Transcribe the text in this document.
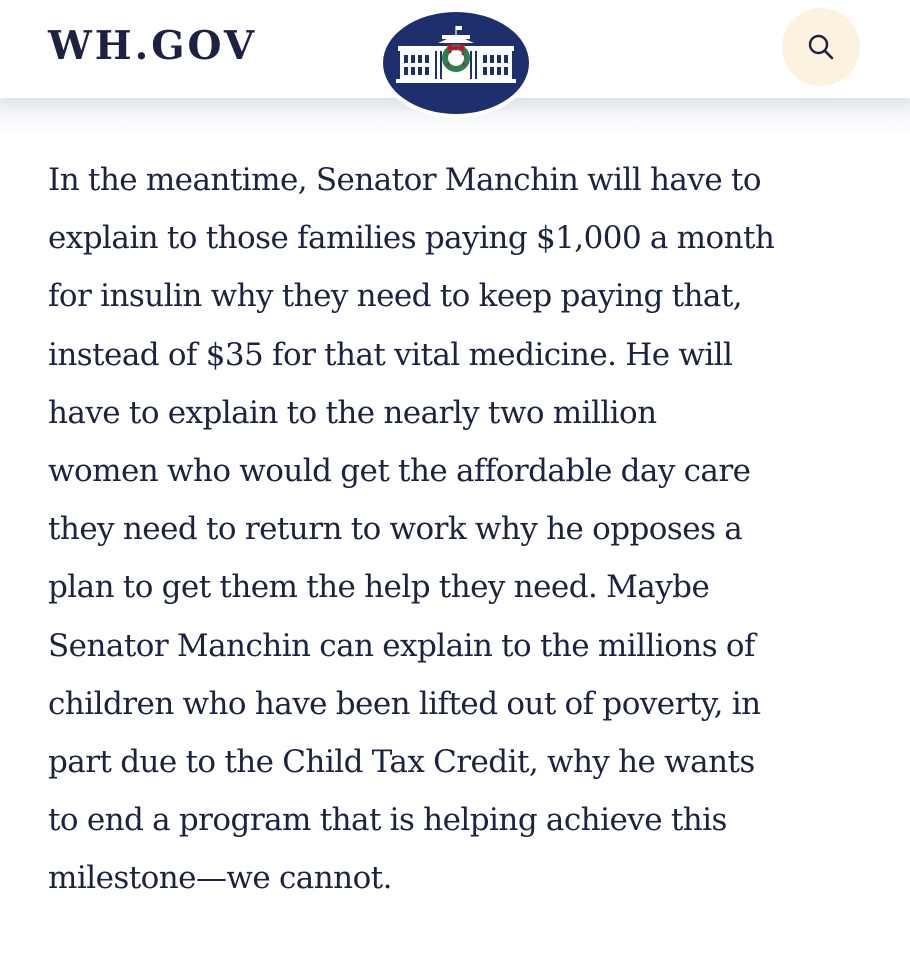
WH.GOV

In the meantime, Senator Manchin will have to
explain to those families paying $1,000 a month
for insulin why they need to keep paying that,
instead of $35 for that vital medicine. He will
have to explain to the nearly two million
women who would get the affordable day care
they need to return to work why he opposes a
plan to get them the help they need. Maybe
Senator Manchin can explain to the millions of
children who have been lifted out of poverty, in
part due to the Child Tax Credit, why he wants
to end a program that is helping achieve this
milestone—we cannot.
